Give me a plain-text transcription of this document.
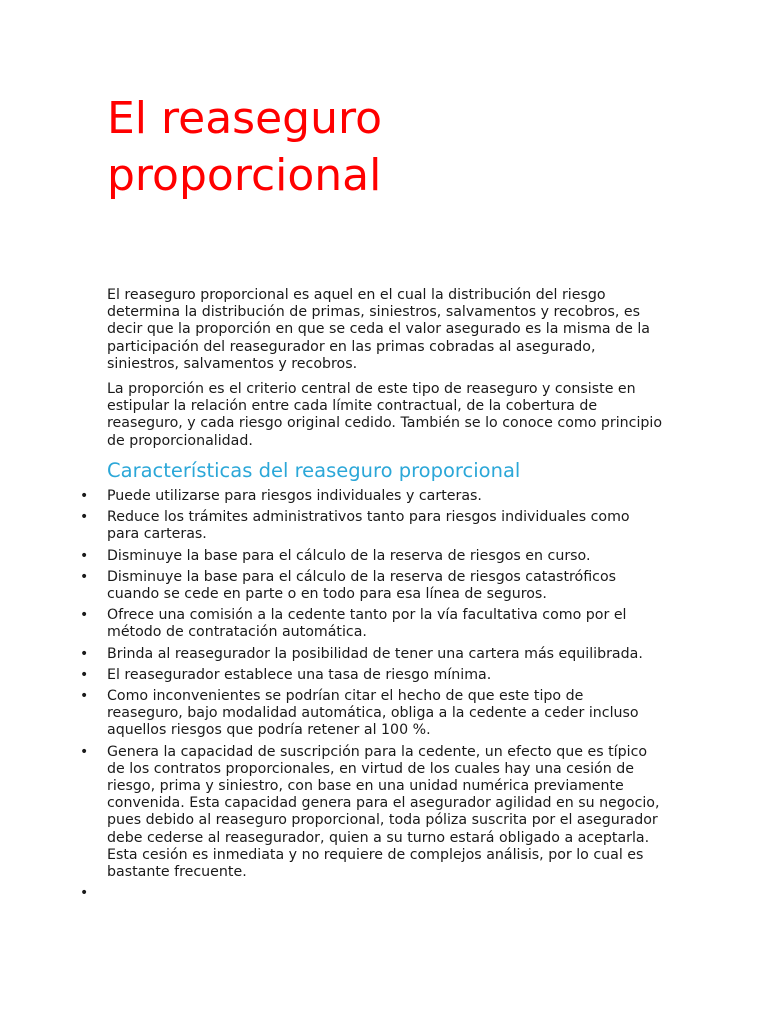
El reaseguro proporcional

El reaseguro proporcional es aquel en el cual la distribución del riesgo determina la distribución de primas, siniestros, salvamentos y recobros, es decir que la proporción en que se ceda el valor asegurado es la misma de la participación del reasegurador en las primas cobradas al asegurado, siniestros, salvamentos y recobros.

La proporción es el criterio central de este tipo de reaseguro y consiste en estipular la relación entre cada límite contractual, de la cobertura de reaseguro, y cada riesgo original cedido. También se lo conoce como principio de proporcionalidad.

Características del reaseguro proporcional
•	Puede utilizarse para riesgos individuales y carteras.
•	Reduce los trámites administrativos tanto para riesgos individuales como para carteras.
•	Disminuye la base para el cálculo de la reserva de riesgos en curso.
•	Disminuye la base para el cálculo de la reserva de riesgos catastróficos cuando se cede en parte o en todo para esa línea de seguros.
•	Ofrece una comisión a la cedente tanto por la vía facultativa como por el método de contratación automática.
•	Brinda al reasegurador la posibilidad de tener una cartera más equilibrada.
•	El reasegurador establece una tasa de riesgo mínima.
•	Como inconvenientes se podrían citar el hecho de que este tipo de reaseguro, bajo modalidad automática, obliga a la cedente a ceder incluso aquellos riesgos que podría retener al 100 %.
•	Genera la capacidad de suscripción para la cedente, un efecto que es típico de los contratos proporcionales, en virtud de los cuales hay una cesión de riesgo, prima y siniestro, con base en una unidad numérica previamente convenida. Esta capacidad genera para el asegurador agilidad en su negocio, pues debido al reaseguro proporcional, toda póliza suscrita por el asegurador debe cederse al reasegurador, quien a su turno estará obligado a aceptarla. Esta cesión es inmediata y no requiere de complejos análisis, por lo cual es bastante frecuente.
•
